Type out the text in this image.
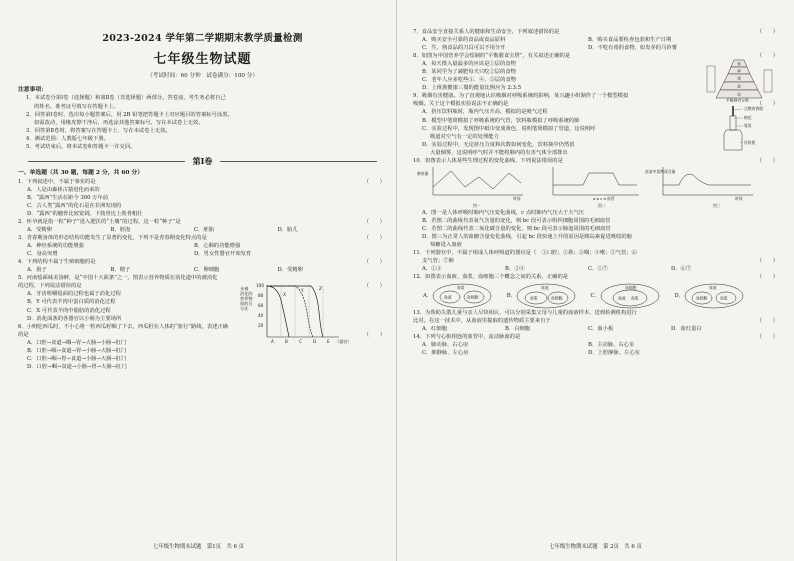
2023-2024 学年第二学期期末教学质量检测
七年级生物试题
（考试时间：60 分钟　试卷满分：100 分）
注意事项：
1．本试卷分第Ⅰ卷（选择题）和第Ⅱ卷（非选择题）两部分。答卷前，考生务必将自己
的姓名、准考证号填写在答题卡上。
2．回答第Ⅰ卷时，选出每小题答案后，用 2B 铅笔把答题卡上对应题目的答案标号涂黑。
如需改动，用橡皮擦干净后，再选涂其他答案标号。写在本试卷上无效。
3．回答第Ⅱ卷时，将答案写在答题卡上．写在本试卷上无效。
4．测试范围：人教版七年级下册。
5．考试结束后，将本试卷和答题卡一并交回。
第Ⅰ卷
一、单选题（共 30 题，每题 2 分，共 60 分）
1．下列叙述中，不属于事实的是	（　　）
A．人是由森林古猿进化而来的
B．“露西”生活在距今 300 万年前
C．古人类“露西”的化石是在非洲发现的
D．“露西”的髋骨比较宽阔，下肢骨比上肢骨粗壮
2．怀孕就是指一粒“种子”进入肥沃的“土壤”的过程，这一粒“种子”是	（　　）
A．受精卵	B．胚泡	C．胚胎	D．胎儿
3．青春期身体的形态结构功能发生了显著的变化，下列不是青春期变化特点的是	（　　）
A．神经系统的功能增强	B．心肺的功能增强
C．身高突增	D．男女性器官开始发育
4．下列结构不属于生殖细胞的是	（　　）
A．孢子	B．精子	C．卵细胞	D．受精卵
5．河南烩面味美汤鲜，是“中国十大面条”之一。图表示营养物质在消化道中的被消化
的过程，下列说法错误的是
A．牙齿咀嚼烩面的过程也属于消化过程
B．Y 可代表羊肉中蛋白质的消化过程
C．X 可代表羊肉中脂肪的消化过程
D．消化面条的各器官以小肠为主要场所
（　　）
未被
消化的
营养物
质的百
分比
100
80
60
40
20
A	B	C	D	E （器官）
X
Y	Z
6．小明吃西瓜时，不小心将一粒西瓜籽咽了下去，西瓜籽在人体的“旅行”路线，表述正确
的是	（　　）
A．口腔→食道→咽→胃→大肠→小肠→肛门
B．口腔→咽→食道→胃→小肠→大肠→肛门
C．口腔→咽→胃→食道→小肠→大肠→肛门
D．口腔→咽→食道→小肠→胃→大肠→肛门
七年级生物期末试题　第1页　共 6 页
7．食品安全直接关系人的健康和生命安全，下列叙述错误的是	（　　）
A．购买安全可靠的食品或食品原料	B．购买食品要检查包装和生产日期
C．生、熟食品的刀具可以不用分开	D．不吃有毒的食物，如发芽的马铃薯
8．如图为中国营养学会绘制的“平衡膳食宝塔”，有关叙述正确的是
A．每天摄入量最多的应该是①层的食物
B．某同学为了减肥每天只吃②层的食物
C．老年人应多吃些③、④、⑤层的食物
D．上班族健康三餐的能量比例应为 2:3:5
（　　）
⑤
④
③
②
①
平衡膳食宝塔
9．吸烟有害健康。为了直观地认识吸烟对呼吸系统的影响，某兴趣小组制作了一个模型模拟
吸烟。关于这个模拟实验说法不正确的是
A．挤压饮料瓶时，瓶内气压升高，模拟的是吸气过程
B．模型中笔筒模拟了呼吸系统的气管，饮料瓶模拟了呼吸系统的肺
C．实验过程中，发现图中纸巾变成黄色，说明笔筒模拟了管道，这说明呼
吸道对空气有一定的处理能力
D．实验过程中，无论挤压力度和次数如何变化，饮料瓶中仍然留
大量烟雾，这说明呼气时并不能将肺内的有害气体全部排出
（　　）
点燃的香烟
棉花
笔筒
饮料瓶
10．如图表示人体某些生理过程的变化曲线，下列说法错误的是	（　　）
肺容量	血液中某物质含量
时间	a b c d 血管	时间
图一	图二	图三
A．图一是人体呼吸时肺内气压变化曲线，c 点时肺内气压大于大气压
B．若图二的曲线代表氧气含量的变化，则 bc 段可表示组织细胞周围的毛细血管
C．若图二的曲线代表二氧化碳含量的变化，则 bc 段可表示肺泡周围的毛细血管
D．图三为正常人的血糖含量变化曲线，引起 bc 段快速上升的原因是胰岛素促进吸收的葡
萄糖进入血液
11．下列器官中，不属于组成人体呼吸道的器官是（　①口腔；②鼻；③咽；④喉；⑤气管；⑥
支气管；⑦肺	（　　）
A．①③	B．②④	C．①⑦	D．⑥⑦
12．如图表示血液、血浆、血细胞三个概念之间的关系，正确的是	（　　）
A．
血浆
血液	血细胞	B．
血液
血浆	血细胞	C．
血细胞
血液 血浆	D．
血液
血细胞	血浆
13．为帮助失散儿童与亲人尽快相认，可以分别采集父母与儿童的血液样本，送到检测机构进行
比对。在这一技术中，从血液里提取的遗传物质主要来自于	（　　）
A．红细胞	B．白细胞	C．血小板	D．血红蛋白
14．下列与心脏相连的血管中，流动脉血的是	（　　）
A．肺动脉、右心房	B．主动脉、右心室
C．肺静脉、左心房	D．上腔静脉、左心室
七年级生物期末试题　第 2页　共 6 页
